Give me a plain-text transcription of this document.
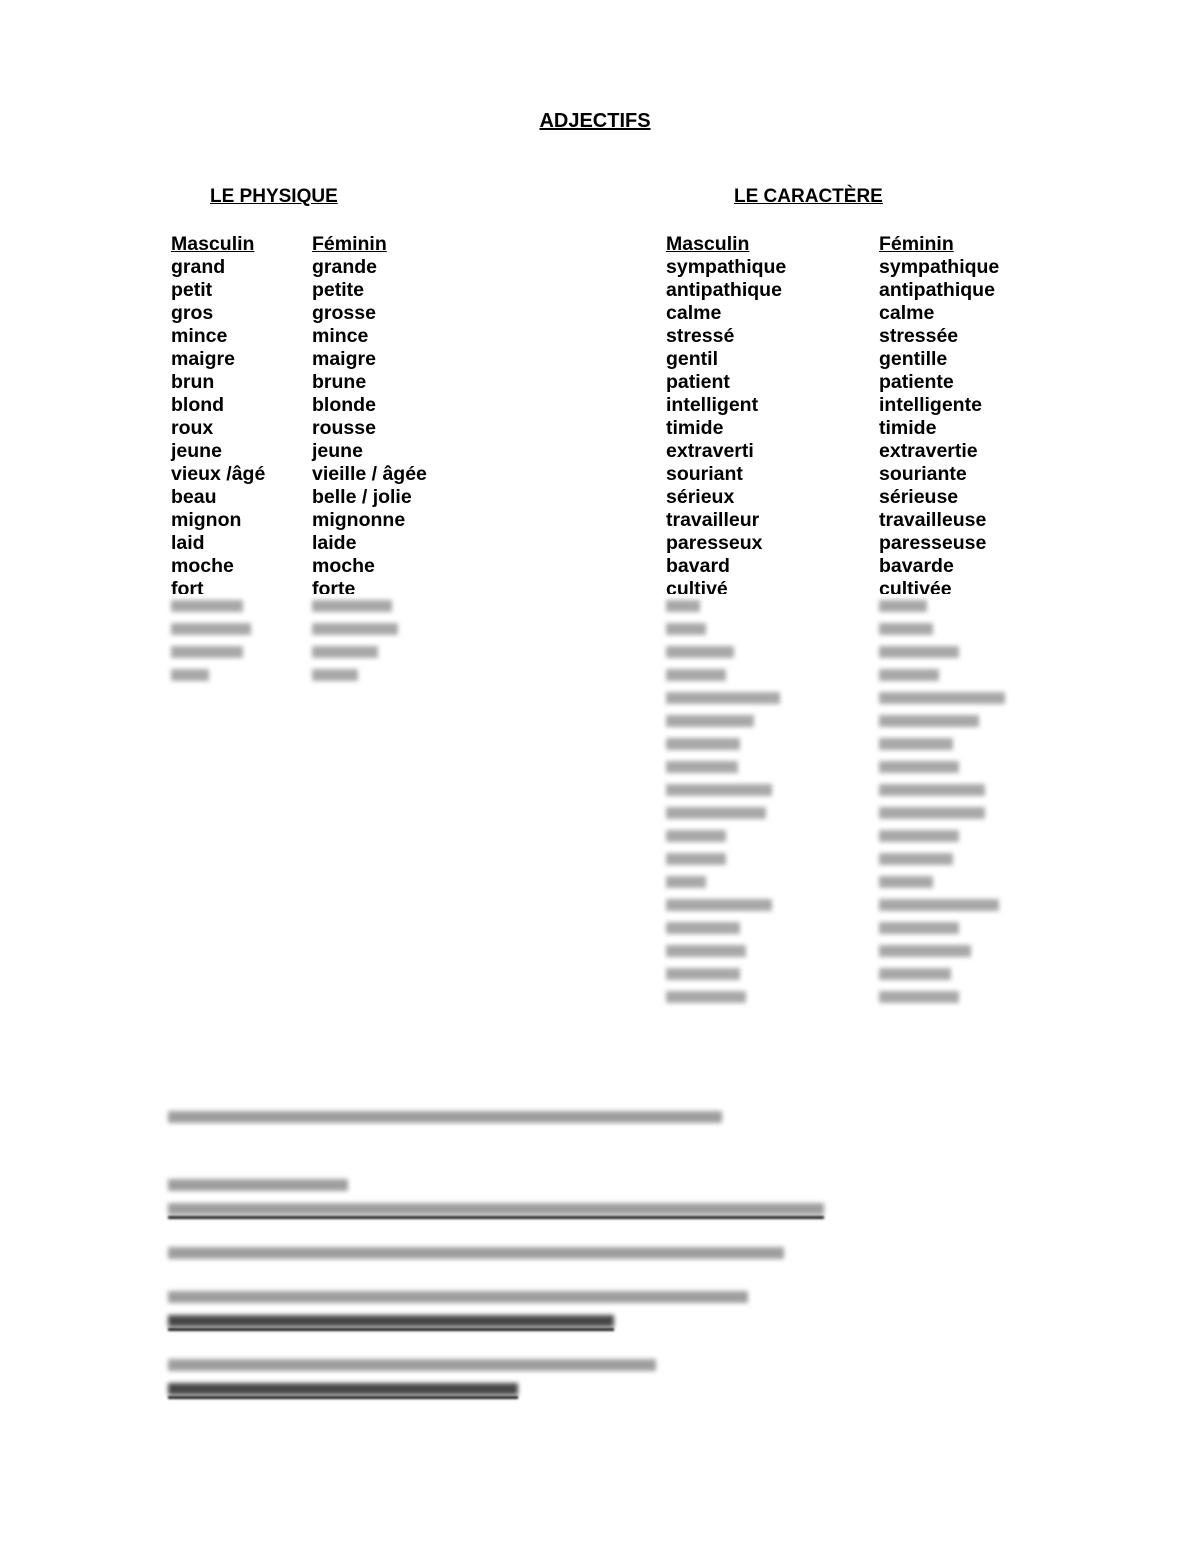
ADJECTIFS
LE PHYSIQUE	LE CARACTÈRE
Masculin
grand
petit
gros
mince
maigre
brun
blond
roux
jeune
vieux /âgé
beau
mignon
laid
moche
fort
Féminin
grande
petite
grosse
mince
maigre
brune
blonde
rousse
jeune
vieille / âgée
belle / jolie
mignonne
laide
moche
forte
Masculin
sympathique
antipathique
calme
stressé
gentil
patient
intelligent
timide
extraverti
souriant
sérieux
travailleur
paresseux
bavard
cultivé
Féminin
sympathique
antipathique
calme
stressée
gentille
patiente
intelligente
timide
extravertie
souriante
sérieuse
travailleuse
paresseuse
bavarde
cultivée
